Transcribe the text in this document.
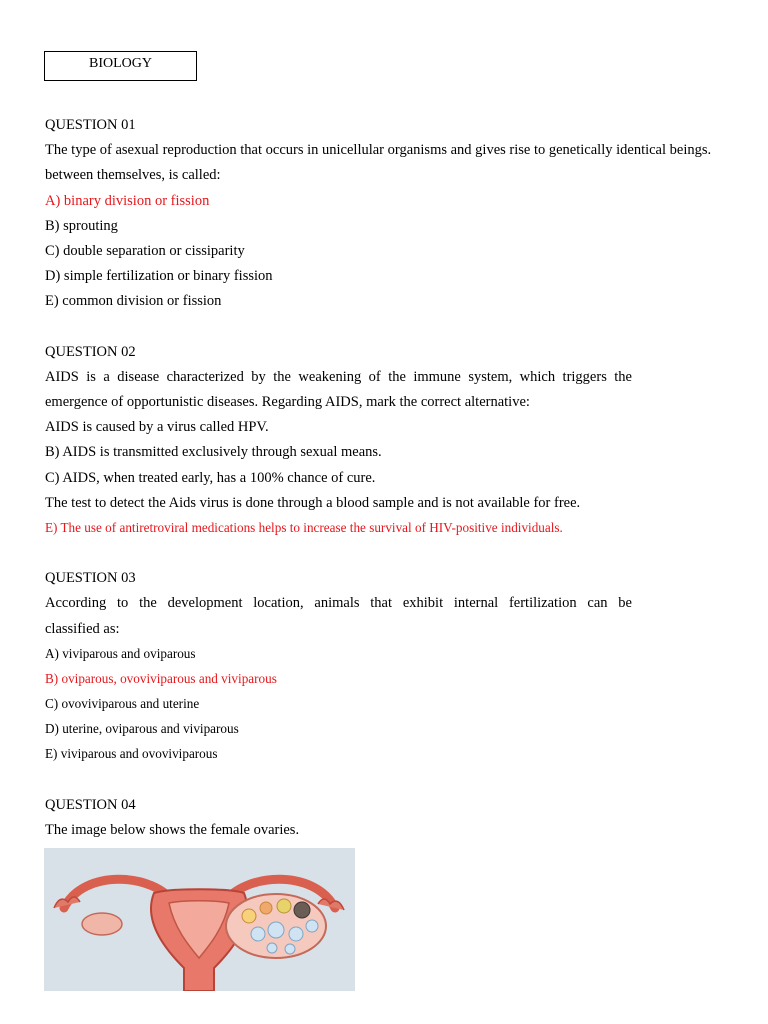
BIOLOGY
QUESTION 01
The type of asexual reproduction that occurs in unicellular organisms and gives rise to genetically identical beings.
between themselves, is called:
A) binary division or fission
B) sprouting
C) double separation or cissiparity
D) simple fertilization or binary fission
E) common division or fission
QUESTION 02
AIDS is a disease characterized by the weakening of the immune system, which triggers the
emergence of opportunistic diseases. Regarding AIDS, mark the correct alternative:
AIDS is caused by a virus called HPV.
B) AIDS is transmitted exclusively through sexual means.
C) AIDS, when treated early, has a 100% chance of cure.
The test to detect the Aids virus is done through a blood sample and is not available for free.
E) The use of antiretroviral medications helps to increase the survival of HIV-positive individuals.
QUESTION 03
According to the development location, animals that exhibit internal fertilization can be
classified as:
A) viviparous and oviparous
B) oviparous, ovoviviparous and viviparous
C) ovoviviparous and uterine
D) uterine, oviparous and viviparous
E) viviparous and ovoviviparous
QUESTION 04
The image below shows the female ovaries.
